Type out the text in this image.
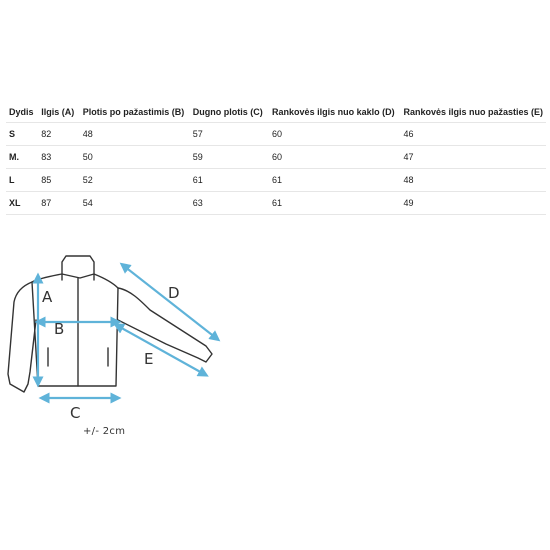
Dydis	Ilgis (A)	Plotis po pažastimis (B)	Dugno plotis (C)	Rankovės ilgis nuo kaklo (D)	Rankovės ilgis nuo pažasties (E)
S	82	48	57	60	46
M.	83	50	59	60	47
L	85	52	61	61	48
XL	87	54	63	61	49
A
B
C
D
E
+/- 2cm
